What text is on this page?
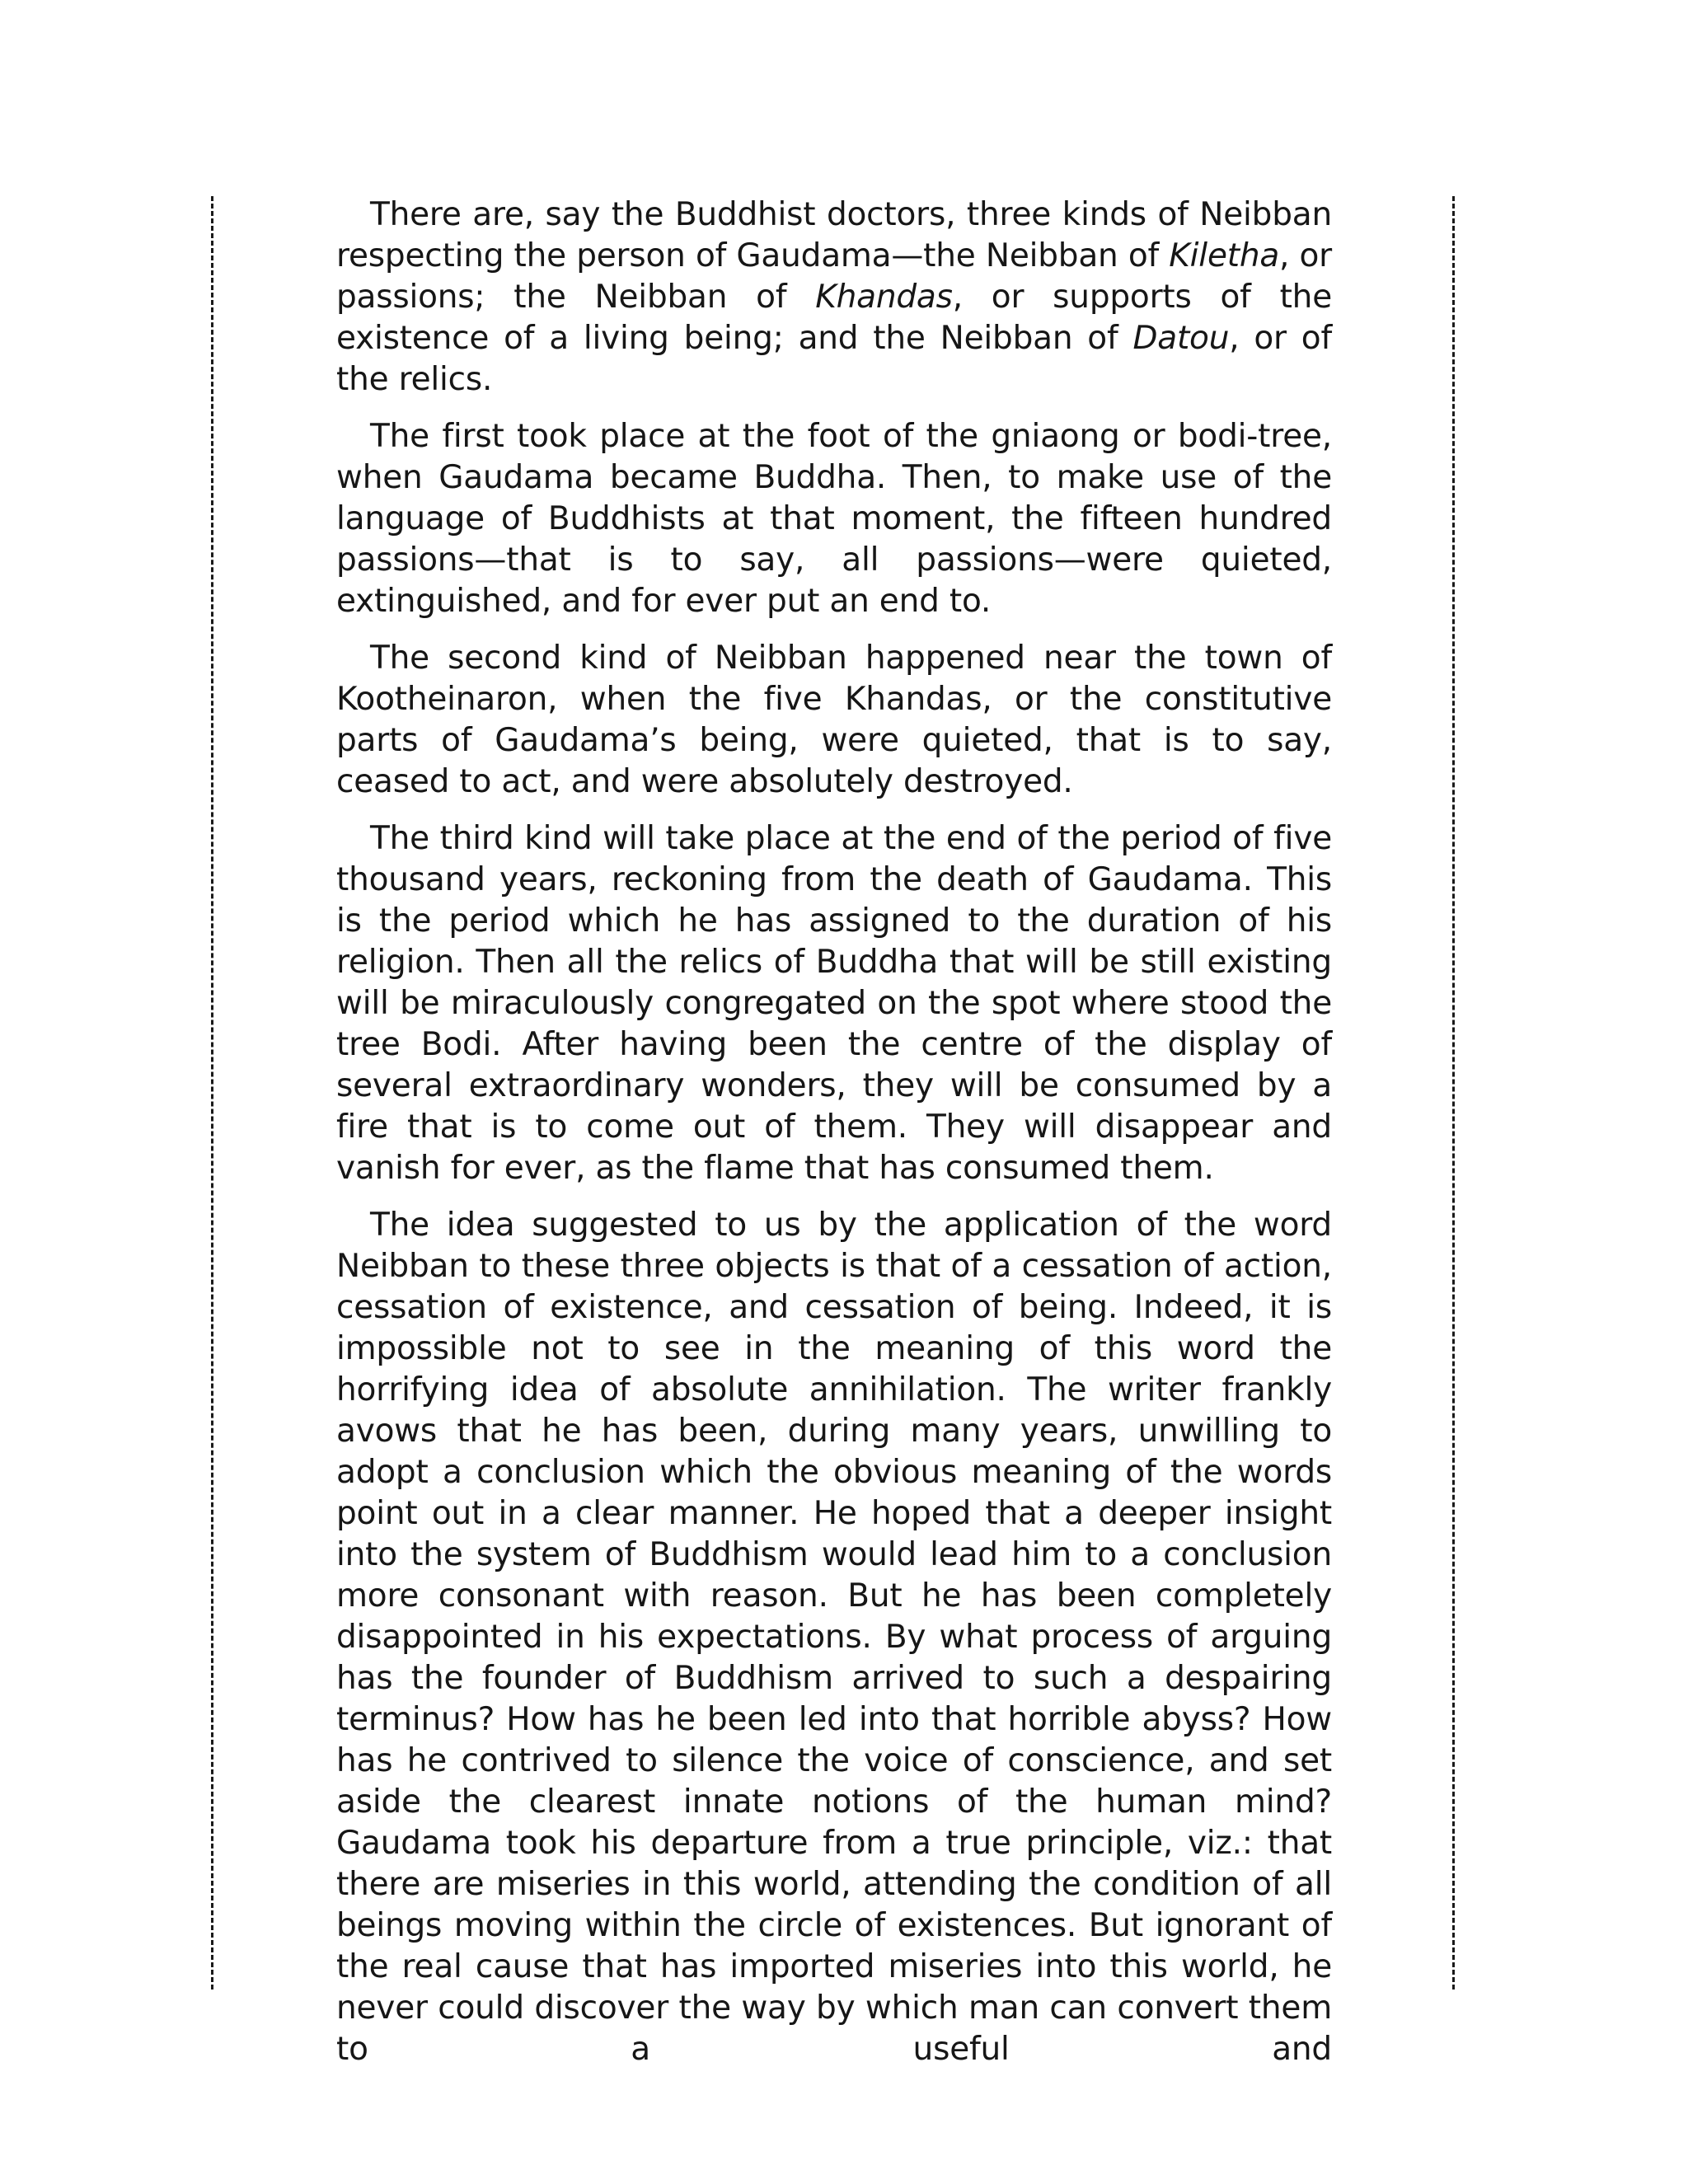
There are, say the Buddhist doctors, three kinds of Neibban respecting the person of Gaudama—the Neibban of Kiletha, or passions; the Neibban of Khandas, or supports of the existence of a living being; and the Neibban of Datou, or of the relics.

The first took place at the foot of the gniaong or bodi-tree, when Gaudama became Buddha. Then, to make use of the language of Buddhists at that moment, the fifteen hundred passions—that is to say, all passions—were quieted, extinguished, and for ever put an end to.

The second kind of Neibban happened near the town of Kootheinaron, when the five Khandas, or the constitutive parts of Gaudama’s being, were quieted, that is to say, ceased to act, and were absolutely destroyed.

The third kind will take place at the end of the period of five thousand years, reckoning from the death of Gaudama. This is the period which he has assigned to the duration of his religion. Then all the relics of Buddha that will be still existing will be miraculously congregated on the spot where stood the tree Bodi. After having been the centre of the display of several extraordinary wonders, they will be consumed by a fire that is to come out of them. They will disappear and vanish for ever, as the flame that has consumed them.

The idea suggested to us by the application of the word Neibban to these three objects is that of a cessation of action, cessation of existence, and cessation of being. Indeed, it is impossible not to see in the meaning of this word the horrifying idea of absolute annihilation. The writer frankly avows that he has been, during many years, unwilling to adopt a conclusion which the obvious meaning of the words point out in a clear manner. He hoped that a deeper insight into the system of Buddhism would lead him to a conclusion more consonant with reason. But he has been completely disappointed in his expectations. By what process of arguing has the founder of Buddhism arrived to such a despairing terminus? How has he been led into that horrible abyss? How has he contrived to silence the voice of conscience, and set aside the clearest innate notions of the human mind? Gaudama took his departure from a true principle, viz.: that there are miseries in this world, attending the condition of all beings moving within the circle of existences. But ignorant of the real cause that has imported miseries into this world, he never could discover the way by which man can convert them to a useful and
